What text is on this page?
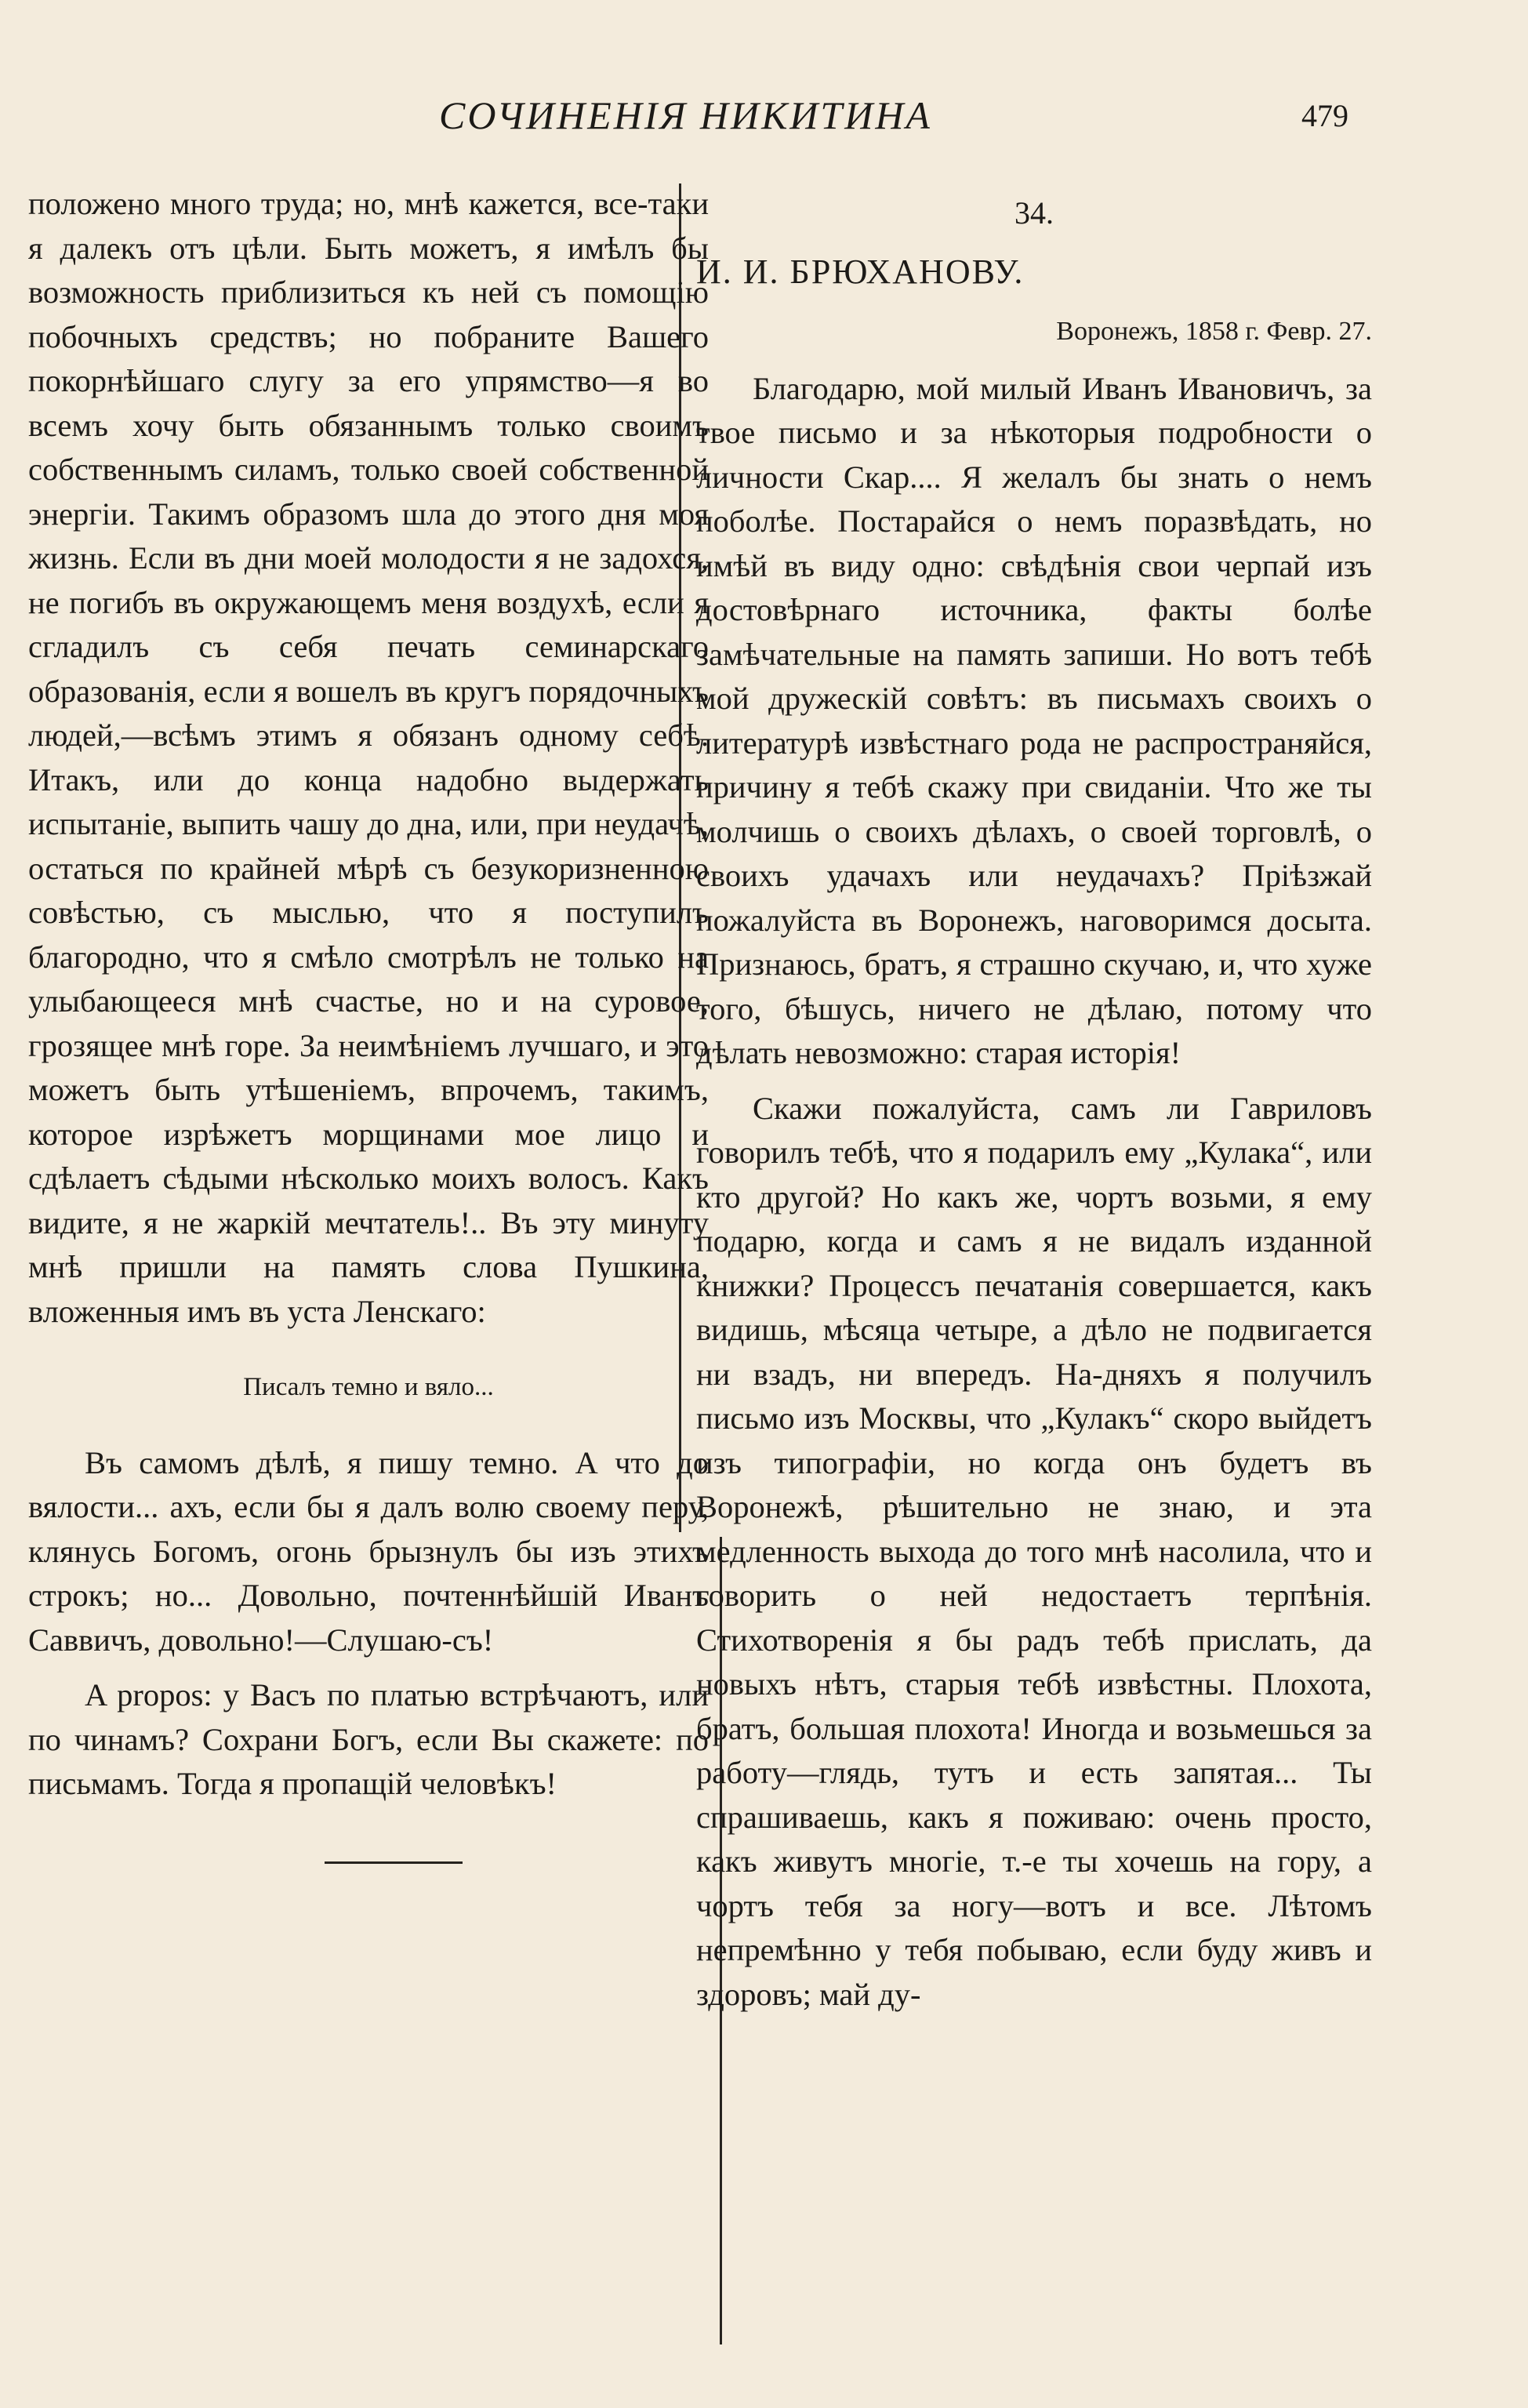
СОЧИНЕНІЯ НИКИТИНА	479

положено много труда; но, мнѣ кажется, все-таки я далекъ отъ цѣли. Быть можетъ, я имѣлъ бы возможность приблизиться къ ней съ помощію побочныхъ средствъ; но побраните Вашего покорнѣйшаго слугу за его упрямство—я во всемъ хочу быть обязаннымъ только своимъ собственнымъ силамъ, только своей собственной энергіи. Такимъ образомъ шла до этого дня моя жизнь. Если въ дни моей молодости я не задохся, не погибъ въ окружающемъ меня воздухѣ, если я сгладилъ съ себя печать семинарскаго образованія, если я вошелъ въ кругъ порядочныхъ людей,—всѣмъ этимъ я обязанъ одному себѣ. Итакъ, или до конца надобно выдержать испытаніе, выпить чашу до дна, или, при неудачѣ, остаться по крайней мѣрѣ съ безукоризненною совѣстью, съ мыслью, что я поступилъ благородно, что я смѣло смотрѣлъ не только на улыбающееся мнѣ счастье, но и на суровое, грозящее мнѣ горе. За неимѣніемъ лучшаго, и это можетъ быть утѣшеніемъ, впрочемъ, такимъ, которое изрѣжетъ морщинами мое лицо и сдѣлаетъ сѣдыми нѣсколько моихъ волосъ. Какъ видите, я не жаркій мечтатель!.. Въ эту минуту мнѣ пришли на память слова Пушкина, вложенныя имъ въ уста Ленскаго:

Писалъ темно и вяло...

Въ самомъ дѣлѣ, я пишу темно. А что до вялости... ахъ, если бы я далъ волю своему перу, клянусь Богомъ, огонь брызнулъ бы изъ этихъ строкъ; но... Довольно, почтеннѣйшій Иванъ Саввичъ, довольно!—Слушаю-съ!

A propos: у Васъ по платью встрѣчаютъ, или по чинамъ? Сохрани Богъ, если Вы скажете: по письмамъ. Тогда я пропащій человѣкъ!

34.

И. И. БРЮХАНОВУ.

Воронежъ, 1858 г. Февр. 27.

Благодарю, мой милый Иванъ Ивановичъ, за твое письмо и за нѣкоторыя подробности о личности Скар.... Я желалъ бы знать о немъ поболѣе. Постарайся о немъ поразвѣдать, но имѣй въ виду одно: свѣдѣнія свои черпай изъ достовѣрнаго источника, факты болѣе замѣчательные на память запиши. Но вотъ тебѣ мой дружескій совѣтъ: въ письмахъ своихъ о литературѣ извѣстнаго рода не распространяйся, причину я тебѣ скажу при свиданіи. Что же ты молчишь о своихъ дѣлахъ, о своей торговлѣ, о своихъ удачахъ или неудачахъ? Пріѣзжай пожалуйста въ Воронежъ, наговоримся досыта. Признаюсь, братъ, я страшно скучаю, и, что хуже того, бѣшусь, ничего не дѣлаю, потому что дѣлать невозможно: старая исторія!

Скажи пожалуйста, самъ ли Гавриловъ говорилъ тебѣ, что я подарилъ ему „Кулака“, или кто другой? Но какъ же, чортъ возьми, я ему подарю, когда и самъ я не видалъ изданной книжки? Процессъ печатанія совершается, какъ видишь, мѣсяца четыре, а дѣло не подвигается ни взадъ, ни впередъ. На-дняхъ я получилъ письмо изъ Москвы, что „Кулакъ“ скоро выйдетъ изъ типографіи, но когда онъ будетъ въ Воронежѣ, рѣшительно не знаю, и эта медленность выхода до того мнѣ насолила, что и говорить о ней недостаетъ терпѣнія. Стихотворенія я бы радъ тебѣ прислать, да новыхъ нѣтъ, старыя тебѣ извѣстны. Плохота, братъ, большая плохота! Иногда и возьмешься за работу—глядь, тутъ и есть запятая... Ты спрашиваешь, какъ я поживаю: очень просто, какъ живутъ многіе, т.-е ты хочешь на гору, а чортъ тебя за ногу—вотъ и все. Лѣтомъ непремѣнно у тебя побываю, если буду живъ и здоровъ; май ду-
